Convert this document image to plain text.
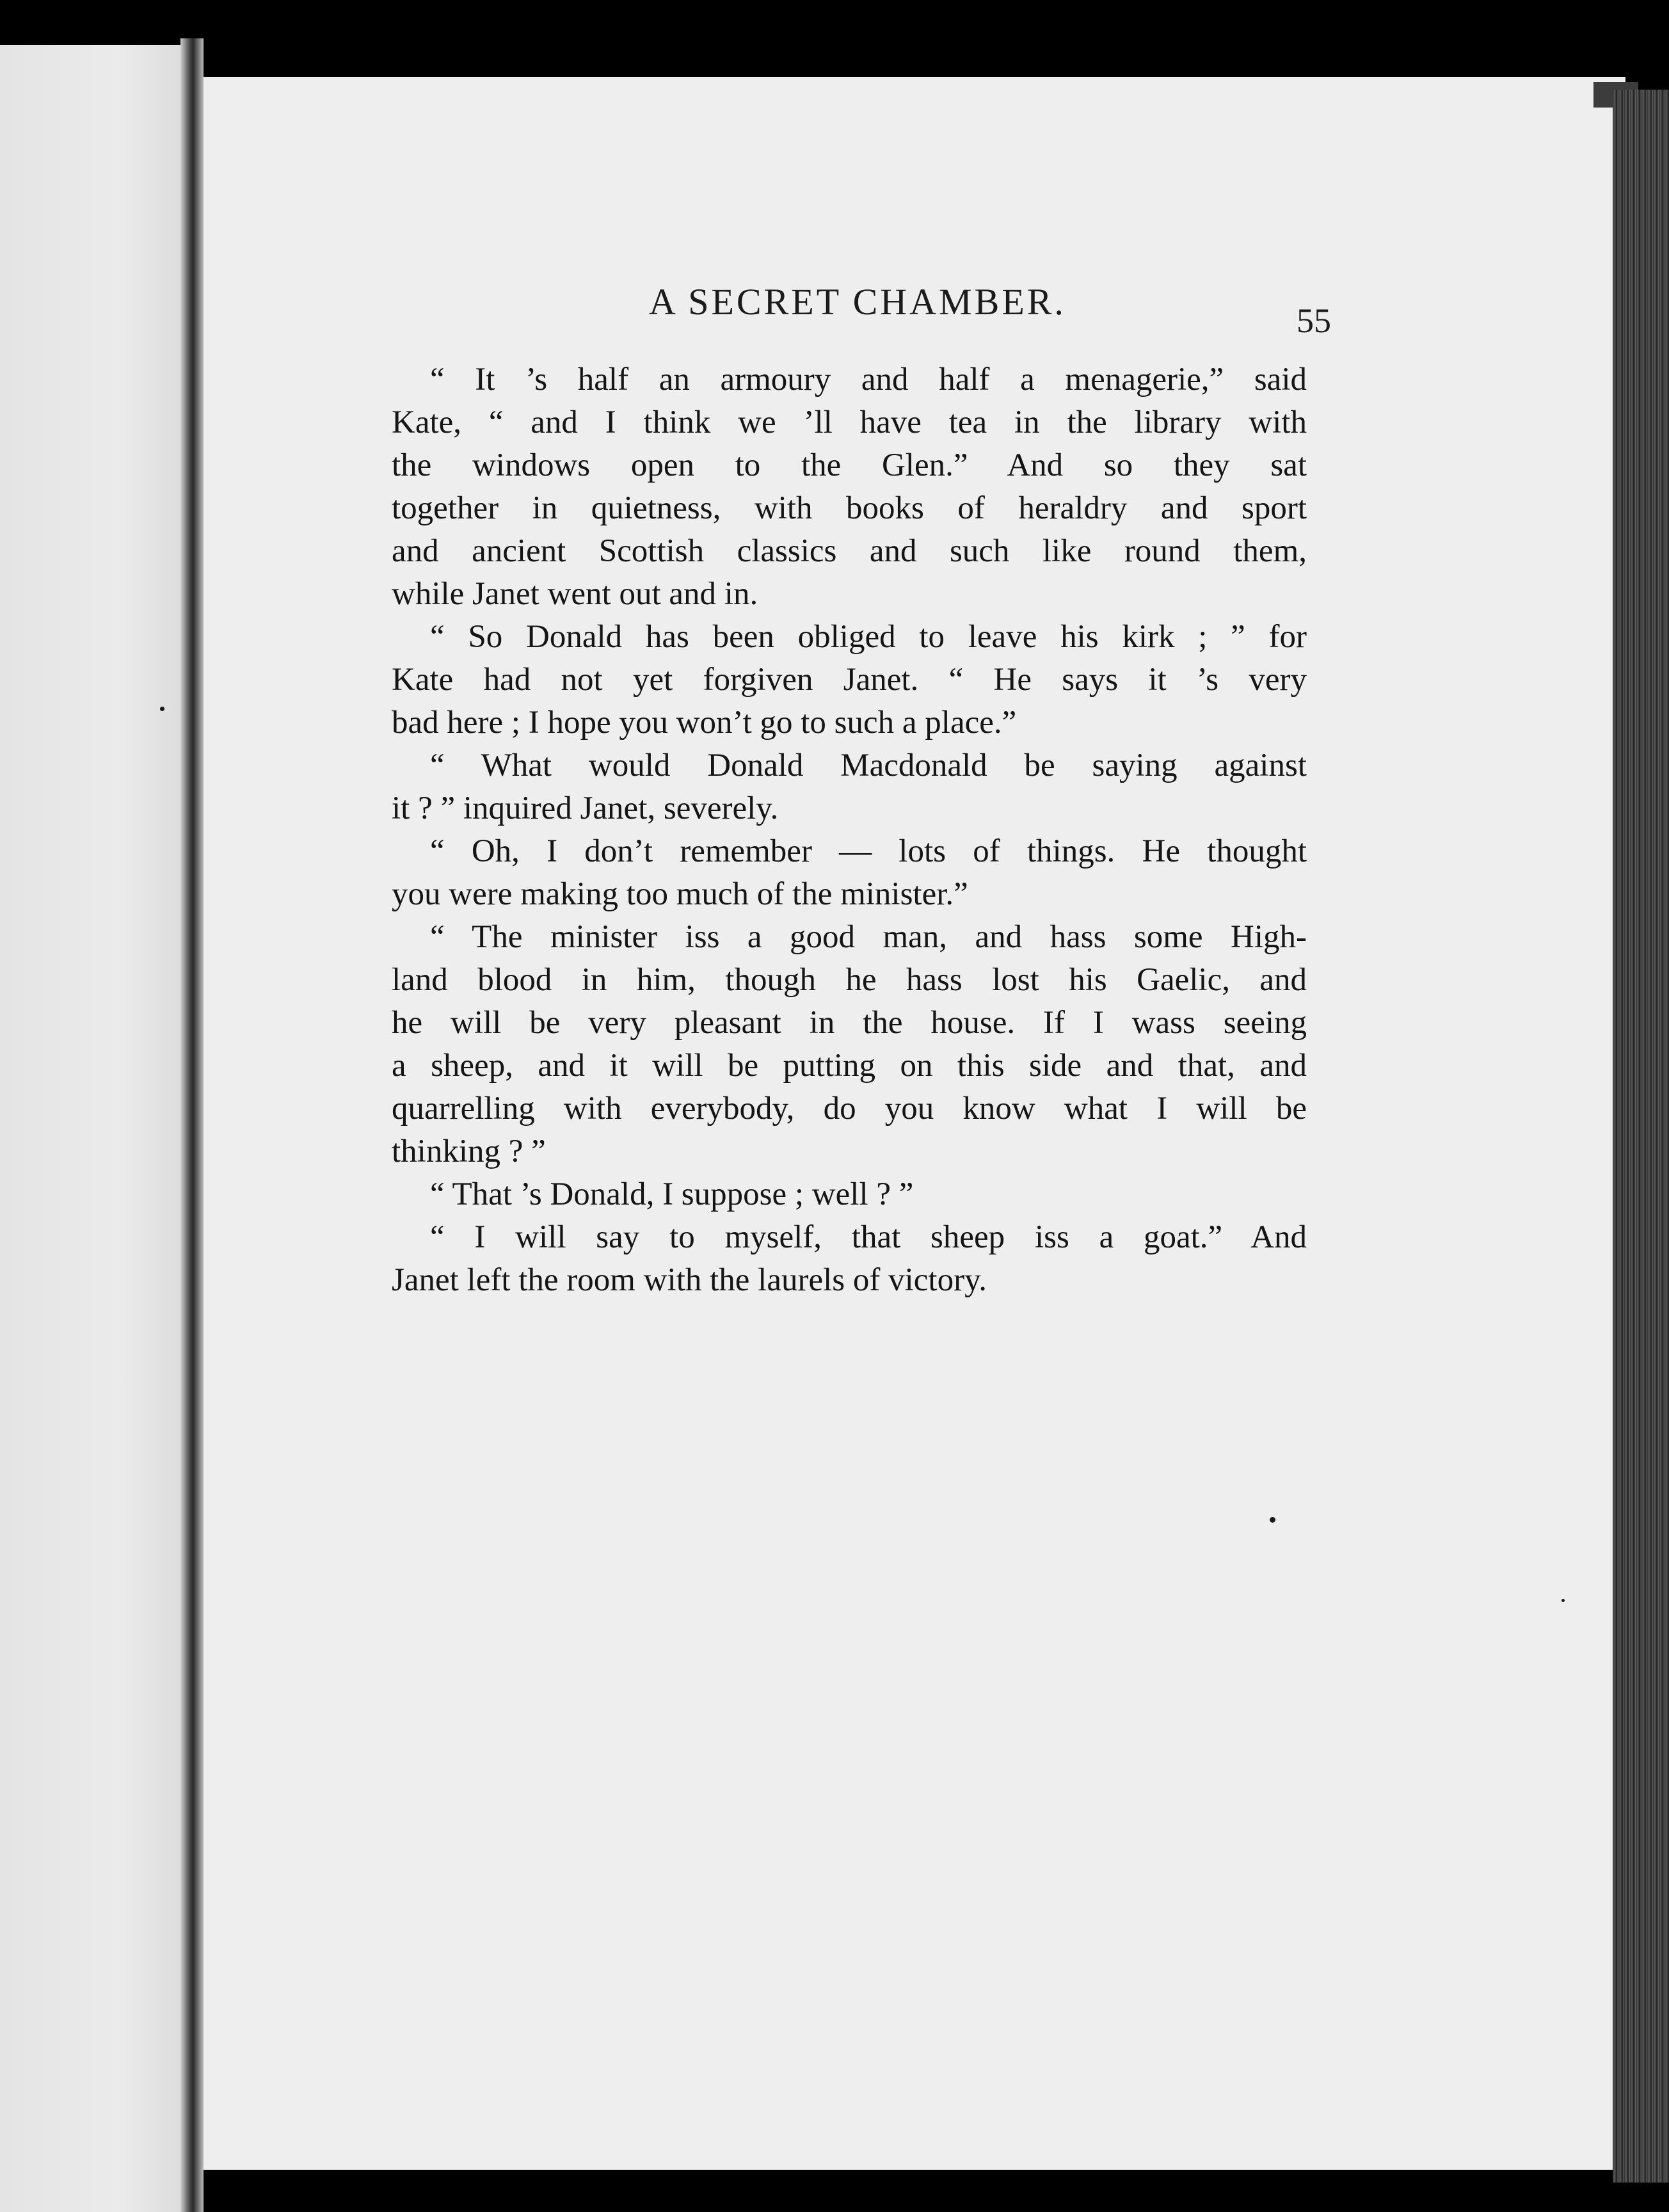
A SECRET CHAMBER.	55

“ It ’s half an armoury and half a menagerie,” said
Kate, “ and I think we ’ll have tea in the library with
the windows open to the Glen.” And so they sat
together in quietness, with books of heraldry and sport
and ancient Scottish classics and such like round them,
while Janet went out and in.

“ So Donald has been obliged to leave his kirk ; ” for
Kate had not yet forgiven Janet. “ He says it ’s very
bad here ; I hope you won’t go to such a place.”

“ What would Donald Macdonald be saying against
it ? ” inquired Janet, severely.

“ Oh, I don’t remember — lots of things. He thought
you were making too much of the minister.”

“ The minister iss a good man, and hass some High-
land blood in him, though he hass lost his Gaelic, and
he will be very pleasant in the house. If I wass seeing
a sheep, and it will be putting on this side and that, and
quarrelling with everybody, do you know what I will be
thinking ? ”

“ That ’s Donald, I suppose ; well ? ”

“ I will say to myself, that sheep iss a goat.” And
Janet left the room with the laurels of victory.
